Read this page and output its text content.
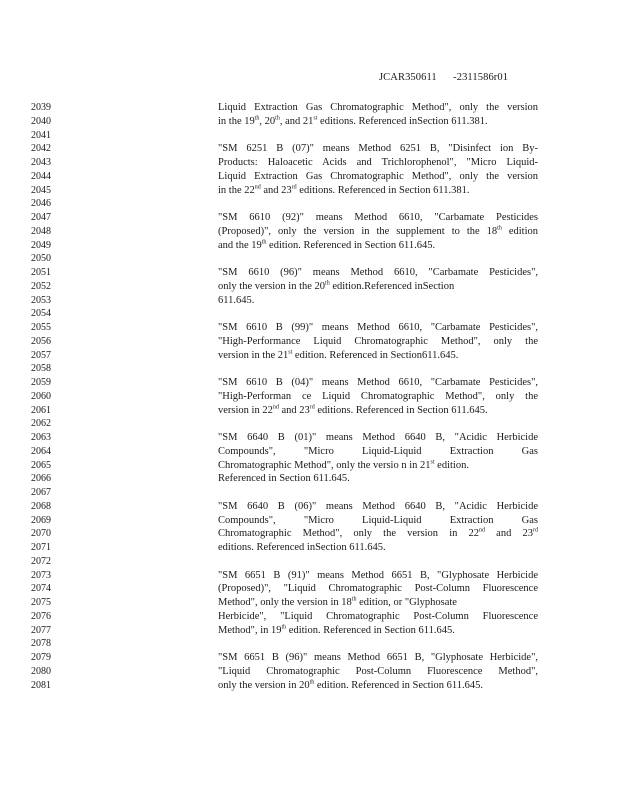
JCAR350611      -2311586r01
2039
2040
2041
2042
2043
2044
2045
2046
2047
2048
2049
2050
2051
2052
2053
2054
2055
2056
2057
2058
2059
2060
2061
2062
2063
2064
2065
2066
2067
2068
2069
2070
2071
2072
2073
2074
2075
2076
2077
2078
2079
2080
2081
Liquid Extraction Gas Chromatographic Method", only the version
in the 19th, 20th, and 21st editions. Referenced inSection 611.381.

"SM 6251 B (07)" means Method 6251 B, "Disinfect ion By-
Products: Haloacetic Acids and Trichlorophenol", "Micro Liquid-
Liquid Extraction Gas Chromatographic Method", only the version
in the 22nd and 23rd editions. Referenced in Section 611.381.

"SM 6610 (92)" means Method 6610, "Carbamate Pesticides
(Proposed)", only the version in the supplement to the 18th edition
and the 19th edition. Referenced in Section 611.645.

"SM 6610 (96)" means Method 6610, "Carbamate Pesticides",
only the version in the 20th edition.Referenced inSection
611.645.

"SM 6610 B (99)" means Method 6610, "Carbamate Pesticides",
"High-Performance Liquid Chromatographic Method", only the
version in the 21st edition. Referenced in Section611.645.

"SM 6610 B (04)" means Method 6610, "Carbamate Pesticides",
"High-Performan ce Liquid Chromatographic Method", only the
version in 22nd and 23rd editions. Referenced in Section 611.645.

"SM 6640 B (01)" means Method 6640 B, "Acidic Herbicide
Compounds", "Micro Liquid-Liquid Extraction Gas
Chromatographic Method", only the versio n in 21st edition.
Referenced in Section 611.645.

"SM 6640 B (06)" means Method 6640 B, "Acidic Herbicide
Compounds", "Micro Liquid-Liquid Extraction Gas
Chromatographic Method", only the version in 22nd and 23rd
editions. Referenced inSection 611.645.

"SM 6651 B (91)" means Method 6651 B, "Glyphosate Herbicide
(Proposed)", "Liquid Chromatographic Post-Column Fluorescence
Method", only the version in 18th edition, or "Glyphosate
Herbicide", "Liquid Chromatographic Post-Column Fluorescence
Method", in 19th edition. Referenced in Section 611.645.

"SM 6651 B (96)" means Method 6651 B, "Glyphosate Herbicide",
"Liquid Chromatographic Post-Column Fluorescence Method",
only the version in 20th edition. Referenced in Section 611.645.
